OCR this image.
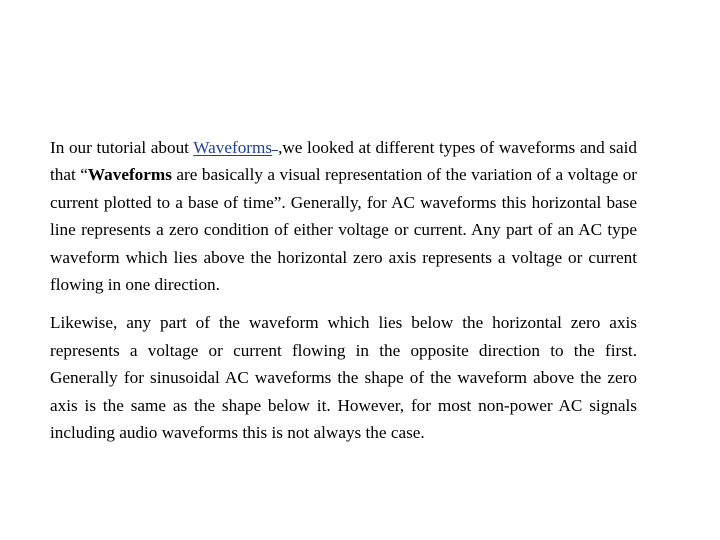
In our tutorial about Waveforms ,we looked at different types of waveforms and said that “Waveforms are basically a visual representation of the variation of a voltage or current plotted to a base of time”. Generally, for AC waveforms this horizontal base line represents a zero condition of either voltage or current. Any part of an AC type waveform which lies above the horizontal zero axis represents a voltage or current flowing in one direction.

Likewise, any part of the waveform which lies below the horizontal zero axis represents a voltage or current flowing in the opposite direction to the first. Generally for sinusoidal AC waveforms the shape of the waveform above the zero axis is the same as the shape below it. However, for most non-power AC signals including audio waveforms this is not always the case.
